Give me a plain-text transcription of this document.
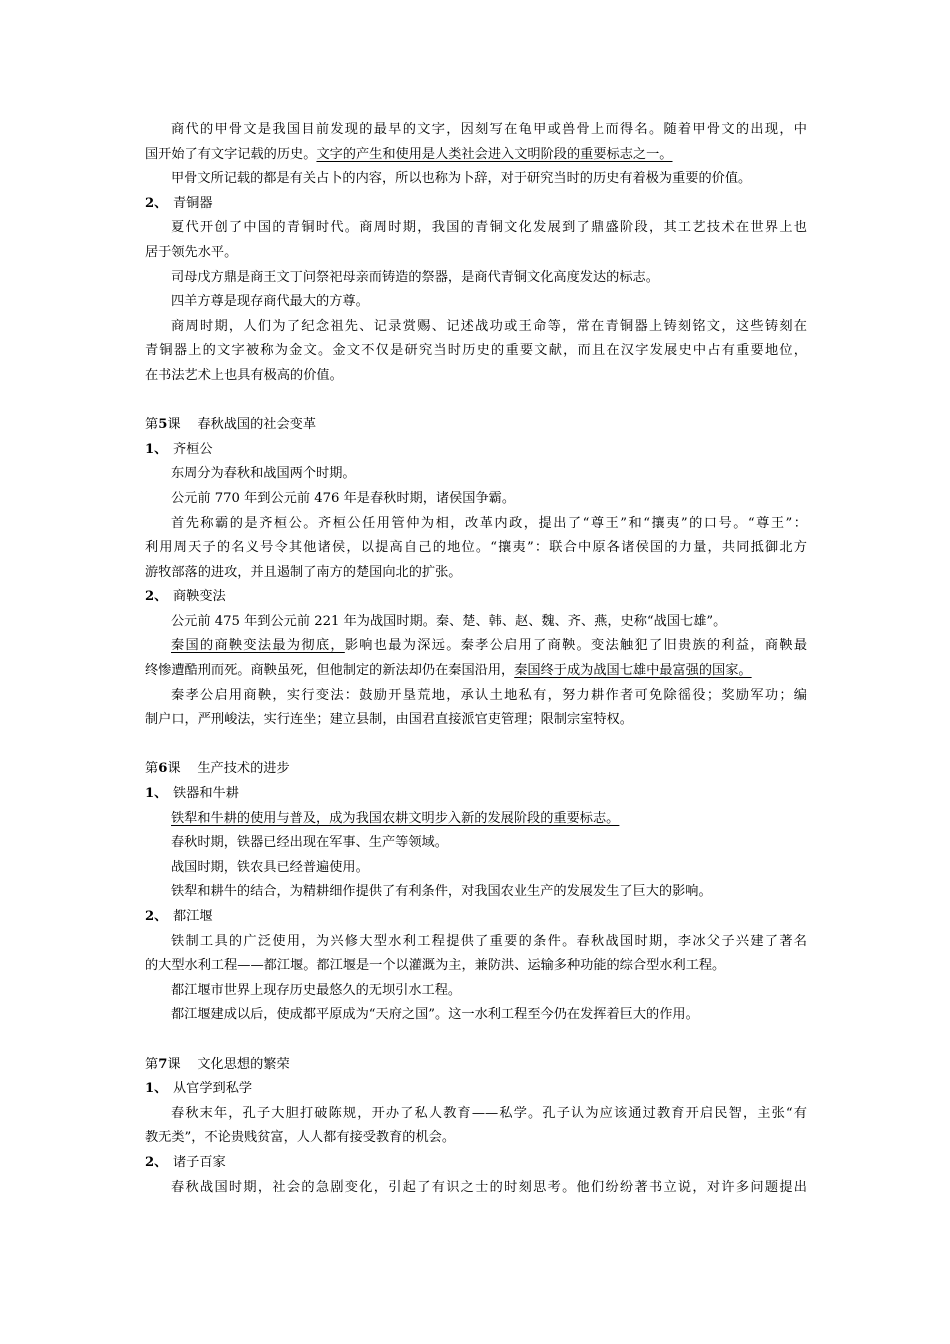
商代的甲骨文是我国目前发现的最早的文字，因刻写在龟甲或兽骨上而得名。随着甲骨文的出现，中
国开始了有文字记载的历史。文字的产生和使用是人类社会进入文明阶段的重要标志之一。
甲骨文所记载的都是有关占卜的内容，所以也称为卜辞，对于研究当时的历史有着极为重要的价值。
2、 青铜器
夏代开创了中国的青铜时代。商周时期，我国的青铜文化发展到了鼎盛阶段，其工艺技术在世界上也
居于领先水平。
司母戊方鼎是商王文丁问祭祀母亲而铸造的祭器，是商代青铜文化高度发达的标志。
四羊方尊是现存商代最大的方尊。
商周时期，人们为了纪念祖先、记录赏赐、记述战功或王命等，常在青铜器上铸刻铭文，这些铸刻在
青铜器上的文字被称为金文。金文不仅是研究当时历史的重要文献，而且在汉字发展史中占有重要地位，
在书法艺术上也具有极高的价值。
第5课 春秋战国的社会变革
1、 齐桓公
东周分为春秋和战国两个时期。
公元前 770 年到公元前 476 年是春秋时期，诸侯国争霸。
首先称霸的是齐桓公。齐桓公任用管仲为相，改革内政，提出了“尊王”和“攘夷”的口号。“尊王”：
利用周天子的名义号令其他诸侯，以提高自己的地位。“攘夷”：联合中原各诸侯国的力量，共同抵御北方
游牧部落的进攻，并且遏制了南方的楚国向北的扩张。
2、 商鞅变法
公元前 475 年到公元前 221 年为战国时期。秦、楚、韩、赵、魏、齐、燕，史称“战国七雄”。
秦国的商鞅变法最为彻底，影响也最为深远。秦孝公启用了商鞅。变法触犯了旧贵族的利益，商鞅最
终惨遭酷刑而死。商鞅虽死，但他制定的新法却仍在秦国沿用，秦国终于成为战国七雄中最富强的国家。
秦孝公启用商鞅，实行变法：鼓励开垦荒地，承认土地私有，努力耕作者可免除徭役；奖励军功；编
制户口，严刑峻法，实行连坐；建立县制，由国君直接派官吏管理；限制宗室特权。
第6课 生产技术的进步
1、 铁器和牛耕
铁犁和牛耕的使用与普及，成为我国农耕文明步入新的发展阶段的重要标志。
春秋时期，铁器已经出现在军事、生产等领域。
战国时期，铁农具已经普遍使用。
铁犁和耕牛的结合，为精耕细作提供了有利条件，对我国农业生产的发展发生了巨大的影响。
2、 都江堰
铁制工具的广泛使用，为兴修大型水利工程提供了重要的条件。春秋战国时期，李冰父子兴建了著名
的大型水利工程——都江堰。都江堰是一个以灌溉为主，兼防洪、运输多种功能的综合型水利工程。
都江堰市世界上现存历史最悠久的无坝引水工程。
都江堰建成以后，使成都平原成为“天府之国”。这一水利工程至今仍在发挥着巨大的作用。
第7课 文化思想的繁荣
1、 从官学到私学
春秋末年，孔子大胆打破陈规，开办了私人教育——私学。孔子认为应该通过教育开启民智，主张“有
教无类”，不论贵贱贫富，人人都有接受教育的机会。
2、 诸子百家
春秋战国时期，社会的急剧变化，引起了有识之士的时刻思考。他们纷纷著书立说，对许多问题提出
